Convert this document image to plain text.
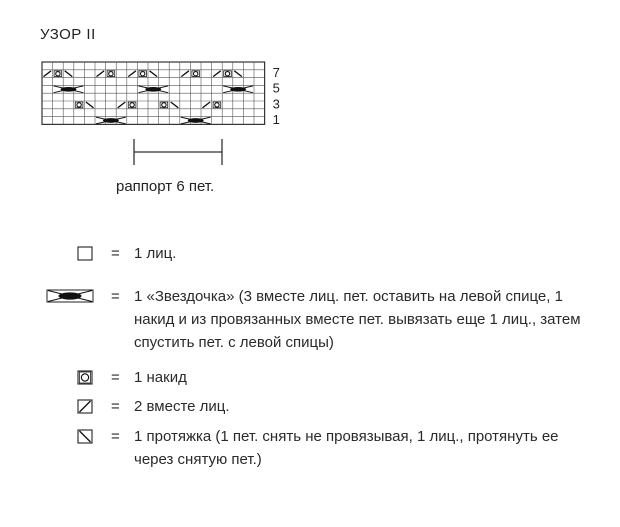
УЗОР II
7
5
3
1
раппорт 6 пет.
= 1 лиц.
= 1 «Звездочка» (3 вместе лиц. пет. оставить на левой спице, 1 накид и из провязанных вместе пет. вывязать еще 1 лиц., затем спустить пет. с левой спицы)
= 1 накид
= 2 вместе лиц.
= 1 протяжка (1 пет. снять не провязывая, 1 лиц., протянуть ее через снятую пет.)
